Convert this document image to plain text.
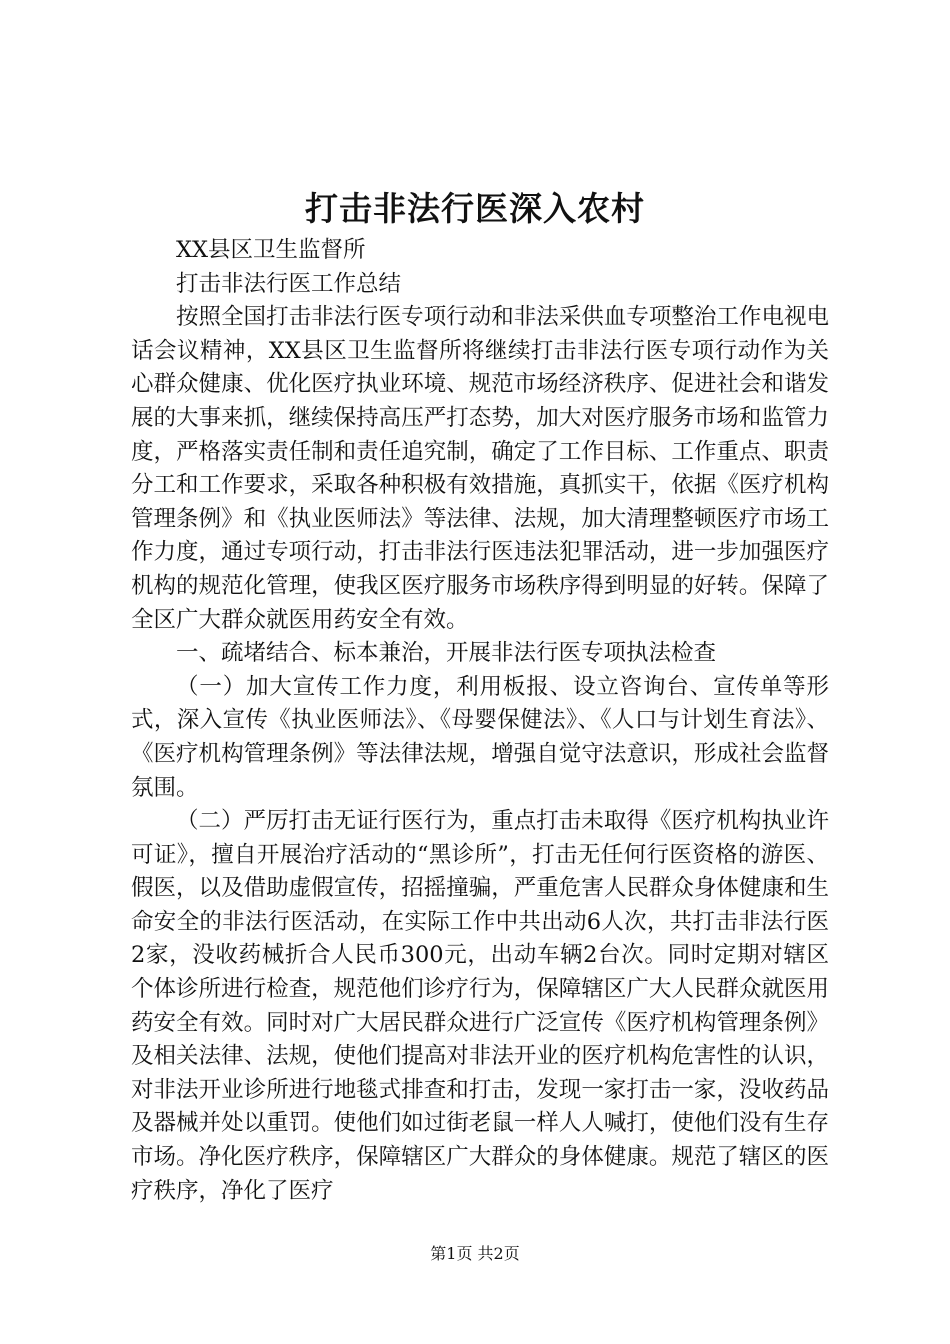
打击非法行医深入农村

XX县区卫生监督所

打击非法行医工作总结

按照全国打击非法行医专项行动和非法采供血专项整治工作电视电话会议精神，XX县区卫生监督所将继续打击非法行医专项行动作为关心群众健康、优化医疗执业环境、规范市场经济秩序、促进社会和谐发展的大事来抓，继续保持高压严打态势，加大对医疗服务市场和监管力度，严格落实责任制和责任追究制，确定了工作目标、工作重点、职责分工和工作要求，采取各种积极有效措施，真抓实干，依据《医疗机构管理条例》和《执业医师法》等法律、法规，加大清理整顿医疗市场工作力度，通过专项行动，打击非法行医违法犯罪活动，进一步加强医疗机构的规范化管理，使我区医疗服务市场秩序得到明显的好转。保障了全区广大群众就医用药安全有效。

一、疏堵结合、标本兼治，开展非法行医专项执法检查

（一）加大宣传工作力度，利用板报、设立咨询台、宣传单等形式，深入宣传《执业医师法》、《母婴保健法》、《人口与计划生育法》、《医疗机构管理条例》等法律法规，增强自觉守法意识，形成社会监督氛围。

（二）严厉打击无证行医行为，重点打击未取得《医疗机构执业许可证》，擅自开展治疗活动的“黑诊所”，打击无任何行医资格的游医、假医，以及借助虚假宣传，招摇撞骗，严重危害人民群众身体健康和生命安全的非法行医活动，在实际工作中共出动6人次，共打击非法行医2家，没收药械折合人民币300元，出动车辆2台次。同时定期对辖区个体诊所进行检查，规范他们诊疗行为，保障辖区广大人民群众就医用药安全有效。同时对广大居民群众进行广泛宣传《医疗机构管理条例》及相关法律、法规，使他们提高对非法开业的医疗机构危害性的认识，对非法开业诊所进行地毯式排查和打击，发现一家打击一家，没收药品及器械并处以重罚。使他们如过街老鼠一样人人喊打，使他们没有生存市场。净化医疗秩序，保障辖区广大群众的身体健康。规范了辖区的医疗秩序，净化了医疗

第1页 共2页
